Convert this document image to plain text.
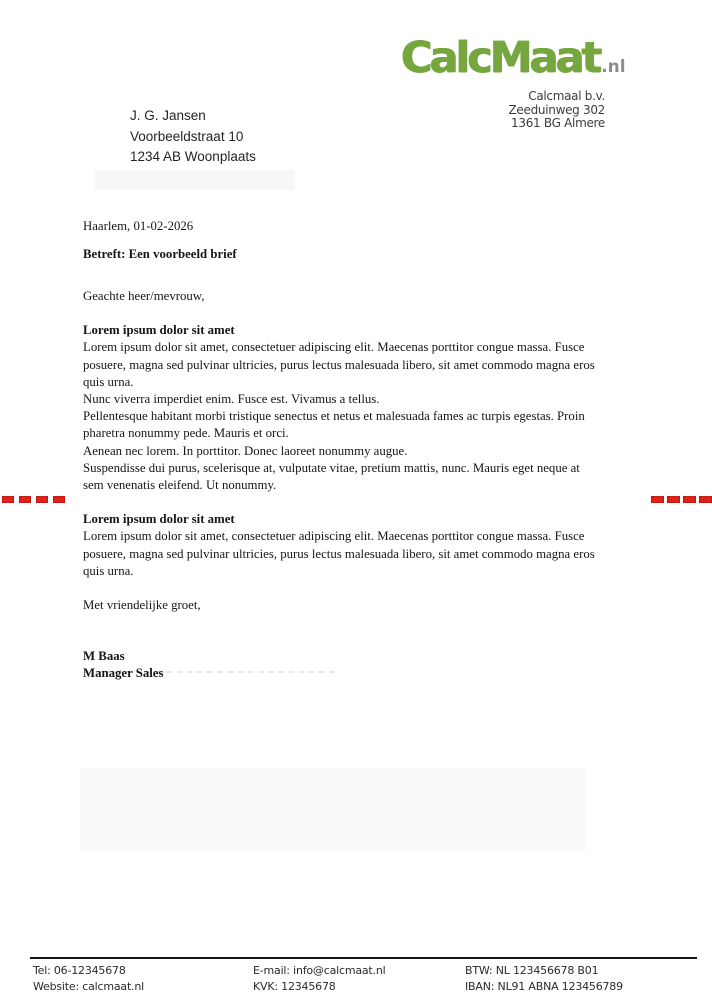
CalcMaat .nl
Calcmaal b.v.
Zeeduinweg 302
1361 BG Almere
J. G. Jansen
Voorbeeldstraat 10
1234 AB Woonplaats
Haarlem, 01-02-2026
Betreft: Een voorbeeld brief

Geachte heer/mevrouw,

Lorem ipsum dolor sit amet

Lorem ipsum dolor sit amet, consectetuer adipiscing elit. Maecenas porttitor congue massa. Fusce posuere, magna sed pulvinar ultricies, purus lectus malesuada libero, sit amet commodo magna eros quis urna.

Nunc viverra imperdiet enim. Fusce est. Vivamus a tellus.

Pellentesque habitant morbi tristique senectus et netus et malesuada fames ac turpis egestas. Proin pharetra nonummy pede. Mauris et orci.

Aenean nec lorem. In porttitor. Donec laoreet nonummy augue.

Suspendisse dui purus, scelerisque at, vulputate vitae, pretium mattis, nunc. Mauris eget neque at sem venenatis eleifend. Ut nonummy.

Lorem ipsum dolor sit amet

Lorem ipsum dolor sit amet, consectetuer adipiscing elit. Maecenas porttitor congue massa. Fusce posuere, magna sed pulvinar ultricies, purus lectus malesuada libero, sit amet commodo magna eros quis urna.

Met vriendelijke groet,

M Baas

Manager Sales

Tel: 06-12345678
Website: calcmaat.nl
E-mail: info@calcmaat.nl
KVK: 12345678
BTW: NL 123456678 B01
IBAN: NL91 ABNA 123456789
